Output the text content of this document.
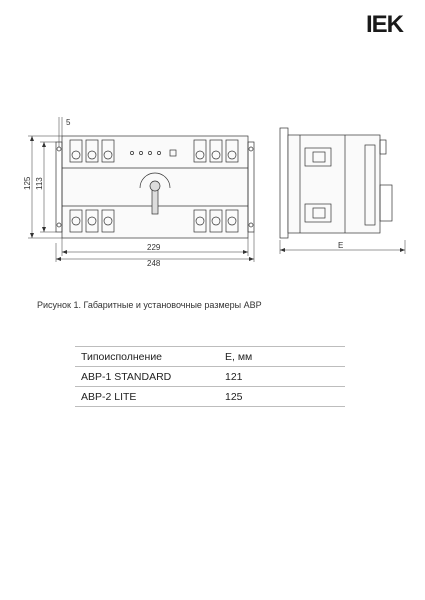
IEK
5
125 113
229
248
E
Рисунок 1. Габаритные и установочные размеры АВР
Типоисполнение	Е, мм
АВР-1 STANDARD	121
АВР-2 LITE	125
